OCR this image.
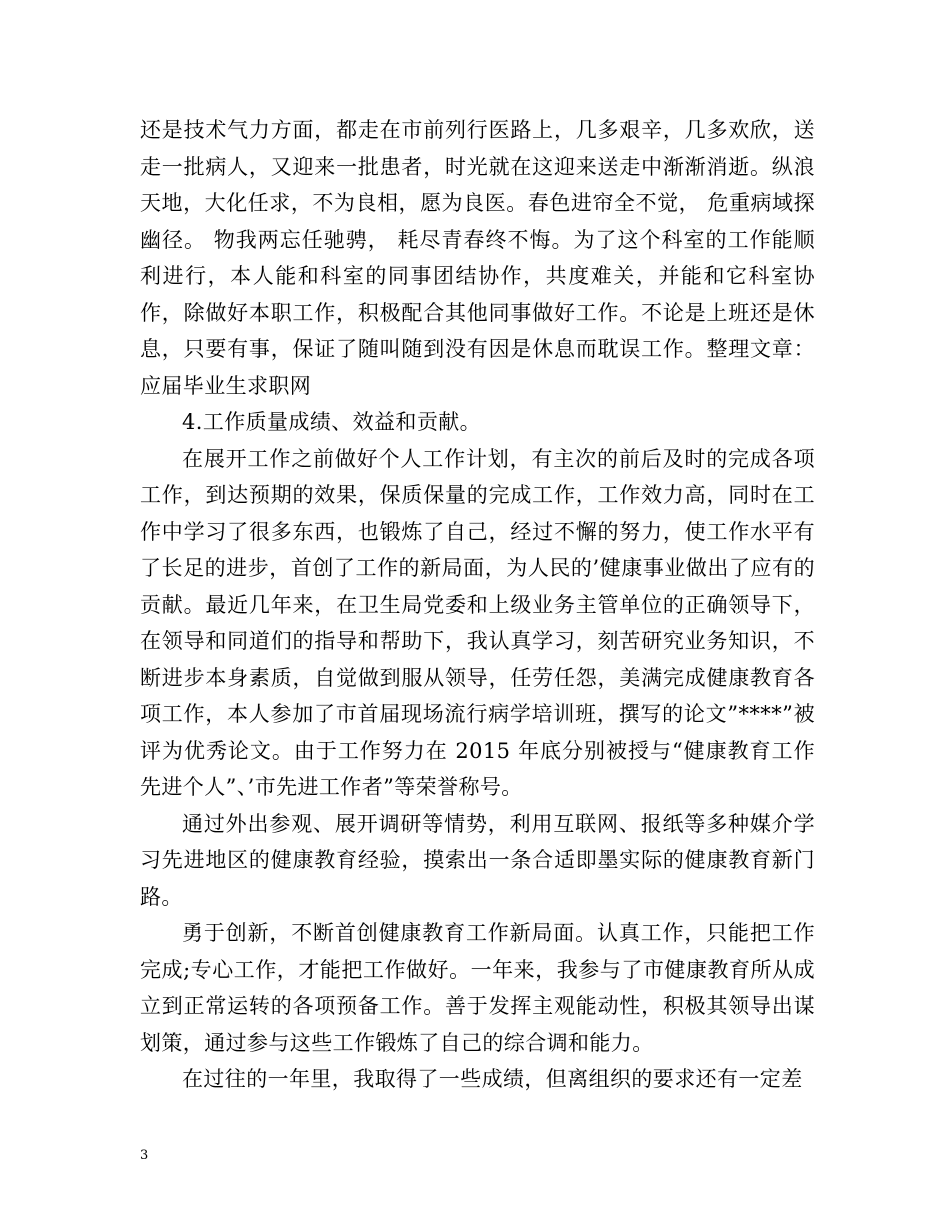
还是技术气力方面，都走在市前列行医路上，几多艰辛，几多欢欣，送走一批病人，又迎来一批患者，时光就在这迎来送走中渐渐消逝。纵浪天地，大化任求，不为良相，愿为良医。春色进帘全不觉， 危重病域探幽径。 物我两忘任驰骋， 耗尽青春终不悔。为了这个科室的工作能顺利进行，本人能和科室的同事团结协作，共度难关，并能和它科室协作，除做好本职工作，积极配合其他同事做好工作。不论是上班还是休息，只要有事，保证了随叫随到没有因是休息而耽误工作。整理文章：应届毕业生求职网

4.工作质量成绩、效益和贡献。

在展开工作之前做好个人工作计划，有主次的前后及时的完成各项工作，到达预期的效果，保质保量的完成工作，工作效力高，同时在工作中学习了很多东西，也锻炼了自己，经过不懈的努力，使工作水平有了长足的进步，首创了工作的新局面，为人民的’健康事业做出了应有的贡献。最近几年来，在卫生局党委和上级业务主管单位的正确领导下，在领导和同道们的指导和帮助下，我认真学习，刻苦研究业务知识，不断进步本身素质，自觉做到服从领导，任劳任怨，美满完成健康教育各项工作，本人参加了市首届现场流行病学培训班，撰写的论文”****”被评为优秀论文。由于工作努力在 2015 年底分别被授与“健康教育工作先进个人”、’市先进工作者”等荣誉称号。

通过外出参观、展开调研等情势，利用互联网、报纸等多种媒介学习先进地区的健康教育经验，摸索出一条合适即墨实际的健康教育新门路。

勇于创新，不断首创健康教育工作新局面。认真工作，只能把工作完成;专心工作，才能把工作做好。一年来，我参与了市健康教育所从成立到正常运转的各项预备工作。善于发挥主观能动性，积极其领导出谋划策，通过参与这些工作锻炼了自己的综合调和能力。

在过往的一年里，我取得了一些成绩，但离组织的要求还有一定差

3
